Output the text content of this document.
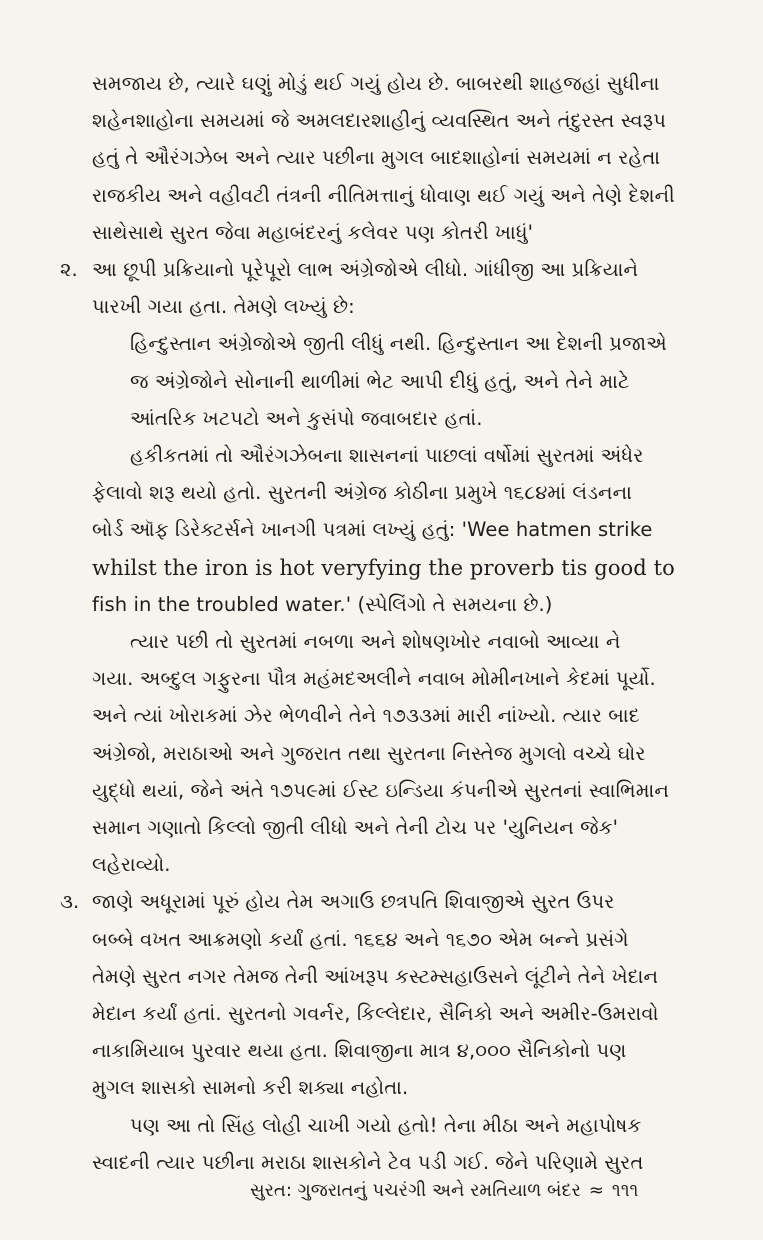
સમજાય છે, ત્યારે ઘણું મોડું થઈ ગયું હોય છે. બાબરથી શાહજહાં સુધીના
શહેનશાહોના સમયમાં જે અમલદારશાહીનું વ્યવસ્થિત અને તંદુરસ્ત સ્વરૂપ
હતું તે ઔરંગઝેબ અને ત્યાર પછીના મુગલ બાદશાહોનાં સમયમાં ન રહેતા
રાજકીય અને વહીવટી તંત્રની નીતિમત્તાનું ધોવાણ થઈ ગયું અને તેણે દેશની
સાથેસાથે સુરત જેવા મહાબંદરનું કલેવર પણ કોતરી ખાધું'
૨. આ છૂપી પ્રક્રિયાનો પૂરેપૂરો લાભ અંગ્રેજોએ લીધો. ગાંધીજી આ પ્રક્રિયાને
પારખી ગયા હતા. તેમણે લખ્યું છે:
હિન્દુસ્તાન અંગ્રેજોએ જીતી લીધું નથી. હિન્દુસ્તાન આ દેશની પ્રજાએ
જ અંગ્રેજોને સોનાની થાળીમાં ભેટ આપી દીધું હતું, અને તેને માટે
આંતરિક ખટપટો અને કુસંપો જવાબદાર હતાં.
હકીકતમાં તો ઔરંગઝેબના શાસનનાં પાછલાં વર્ષોમાં સુરતમાં અંધેર
ફેલાવો શરૂ થયો હતો. સુરતની અંગ્રેજ કોઠીના પ્રમુખે ૧૬૮૪માં લંડનના
બોર્ડ ઑફ ડિરેક્ટર્સને ખાનગી પત્રમાં લખ્યું હતું: 'Wee hatmen strike
whilst the iron is hot veryfying the proverb tis good to
fish in the troubled water.' (સ્પેલિંગો તે સમયના છે.)
ત્યાર પછી તો સુરતમાં નબળા અને શોષણખોર નવાબો આવ્યા ને
ગયા. અબ્દુલ ગફુરના પૌત્ર મહંમદઅલીને નવાબ મોમીનખાને કેદમાં પૂર્યો.
અને ત્યાં ખોરાકમાં ઝેર ભેળવીને તેને ૧૭૩૩માં મારી નાંખ્યો. ત્યાર બાદ
અંગ્રેજો, મરાઠાઓ અને ગુજરાત તથા સુરતના નિસ્તેજ મુગલો વચ્ચે ઘોર
યુદ્ધો થયાં, જેને અંતે ૧૭૫૯માં ઈસ્ટ ઇન્ડિયા કંપનીએ સુરતનાં સ્વાભિમાન
સમાન ગણાતો કિલ્લો જીતી લીધો અને તેની ટોચ પર 'યુનિયન જેક'
લહેરાવ્યો.
૩. જાણે અધૂરામાં પૂરું હોય તેમ અગાઉ છત્રપતિ શિવાજીએ સુરત ઉપર
બબ્બે વખત આક્રમણો કર્યાં હતાં. ૧૬૬૪ અને ૧૬૭૦ એમ બન્ને પ્રસંગે
તેમણે સુરત નગર તેમજ તેની આંખરૂપ કસ્ટમ્સહાઉસને લૂંટીને તેને ખેદાન
મેદાન કર્યાં હતાં. સુરતનો ગવર્નર, કિલ્લેદાર, સૈનિકો અને અમીર-ઉમરાવો
નાકામિયાબ પુરવાર થયા હતા. શિવાજીના માત્ર ૪,૦૦૦ સૈનિકોનો પણ
મુગલ શાસકો સામનો કરી શક્યા નહોતા.
પણ આ તો સિંહ લોહી ચાખી ગયો હતો! તેના મીઠા અને મહાપોષક
સ્વાદની ત્યાર પછીના મરાઠા શાસકોને ટેવ પડી ગઈ. જેને પરિણામે સુરત
સુરત: ગુજરાતનું પચરંગી અને રમતિયાળ બંદર ≈ ૧૧૧
